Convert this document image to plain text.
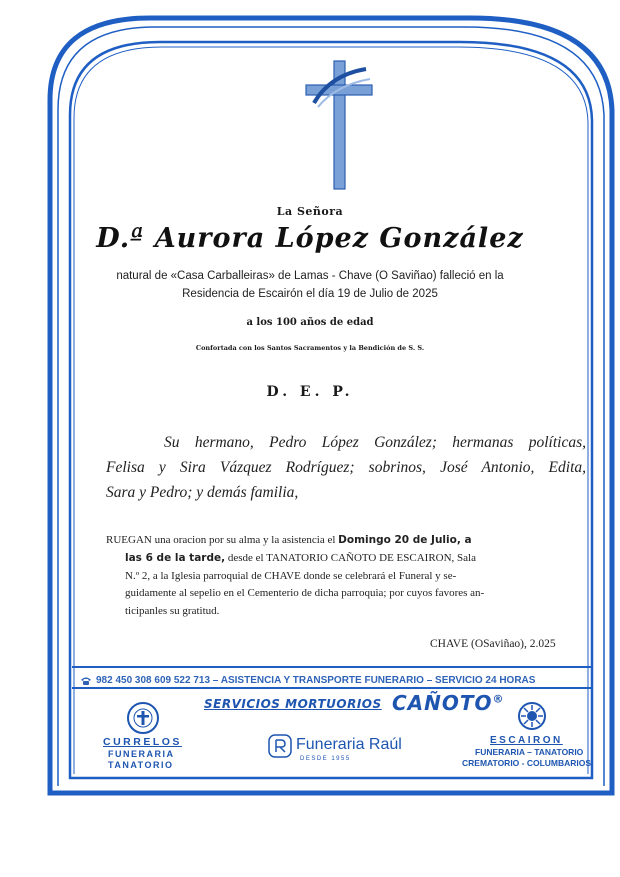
La Señora
D.ª Aurora López González
natural de «Casa Carballeiras» de Lamas - Chave (O Saviñao) falleció en la
Residencia de Escairón el día 19 de Julio de 2025
a los 100 años de edad
Confortada con los Santos Sacramentos y la Bendición de S. S.
D. E. P.
Su hermano, Pedro López González; hermanas políticas,
Felisa y Sira Vázquez Rodríguez; sobrinos, José Antonio, Edita,
Sara y Pedro; y demás familia,
RUEGAN una oracion por su alma y la asistencia el Domingo 20 de Julio, a
las 6 de la tarde, desde el TANATORIO CAÑOTO DE ESCAIRON, Sala
N.º 2, a la Iglesia parroquial de CHAVE donde se celebrará el Funeral y se-
guidamente al sepelio en el Cementerio de dicha parroquia; por cuyos favores an-
ticipanles su gratitud.
CHAVE (OSaviñao), 2.025
982 450 308 609 522 713 – ASISTENCIA Y TRANSPORTE FUNERARIO – SERVICIO 24 HORAS
SERVICIOS MORTUORIOS CAÑOTO®
CURRELOS
FUNERARIA
TANATORIO
Funeraria Raúl
DESDE 1955
ESCAIRON
FUNERARIA – TANATORIO
CREMATORIO - COLUMBARIOS
